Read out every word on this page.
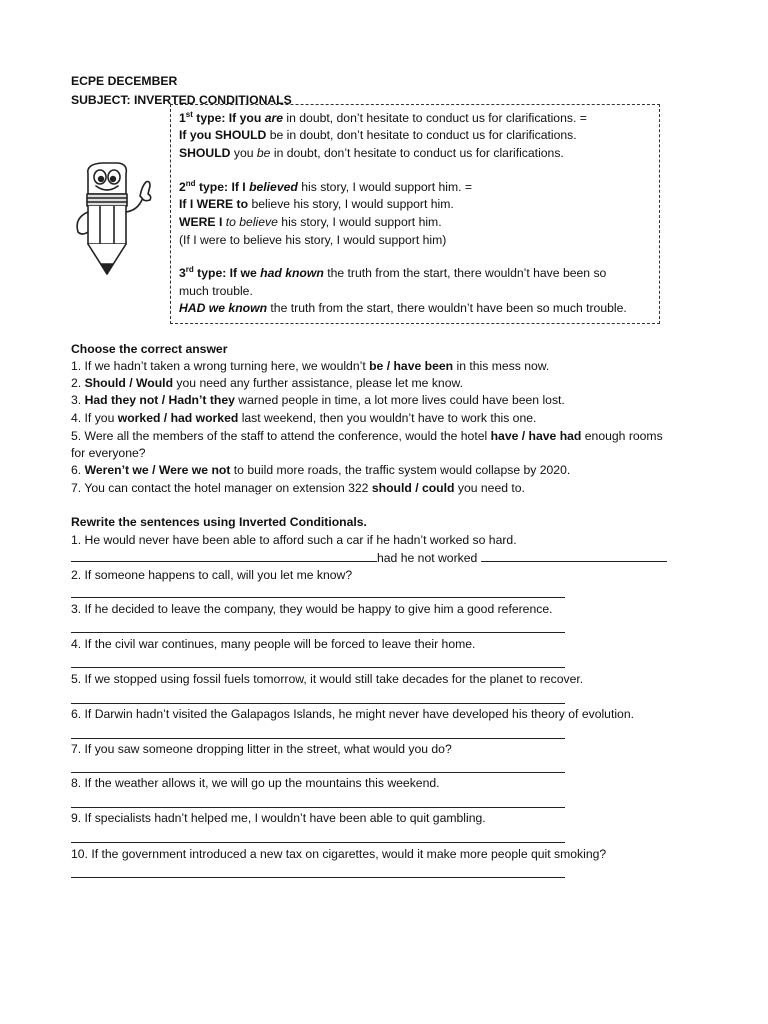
ECPE DECEMBER
SUBJECT: INVERTED CONDITIONALS
1st type: If you are in doubt, don’t hesitate to conduct us for clarifications. =
If you SHOULD be in doubt, don’t hesitate to conduct us for clarifications.
SHOULD you be in doubt, don’t hesitate to conduct us for clarifications.
2nd type: If I believed his story, I would support him. =
If I WERE to believe his story, I would support him.
WERE I to believe his story, I would support him.
(If I were to believe his story, I would support him)
3rd type: If we had known the truth from the start, there wouldn’t have been so
much trouble.
HAD we known the truth from the start, there wouldn’t have been so much trouble.
Choose the correct answer
1. If we hadn’t taken a wrong turning here, we wouldn’t be / have been in this mess now.
2. Should / Would you need any further assistance, please let me know.
3. Had they not / Hadn’t they warned people in time, a lot more lives could have been lost.
4. If you worked / had worked last weekend, then you wouldn’t have to work this one.
5. Were all the members of the staff to attend the conference, would the hotel have / have had enough rooms
for everyone?
6. Weren’t we / Were we not to build more roads, the traffic system would collapse by 2020.
7. You can contact the hotel manager on extension 322 should / could you need to.
Rewrite the sentences using Inverted Conditionals.
1. He would never have been able to afford such a car if he hadn’t worked so hard.
had he not worked
2. If someone happens to call, will you let me know?
3. If he decided to leave the company, they would be happy to give him a good reference.
4. If the civil war continues, many people will be forced to leave their home.
5. If we stopped using fossil fuels tomorrow, it would still take decades for the planet to recover.
6. If Darwin hadn’t visited the Galapagos Islands, he might never have developed his theory of evolution.
7. If you saw someone dropping litter in the street, what would you do?
8. If the weather allows it, we will go up the mountains this weekend.
9. If specialists hadn’t helped me, I wouldn’t have been able to quit gambling.
10. If the government introduced a new tax on cigarettes, would it make more people quit smoking?
